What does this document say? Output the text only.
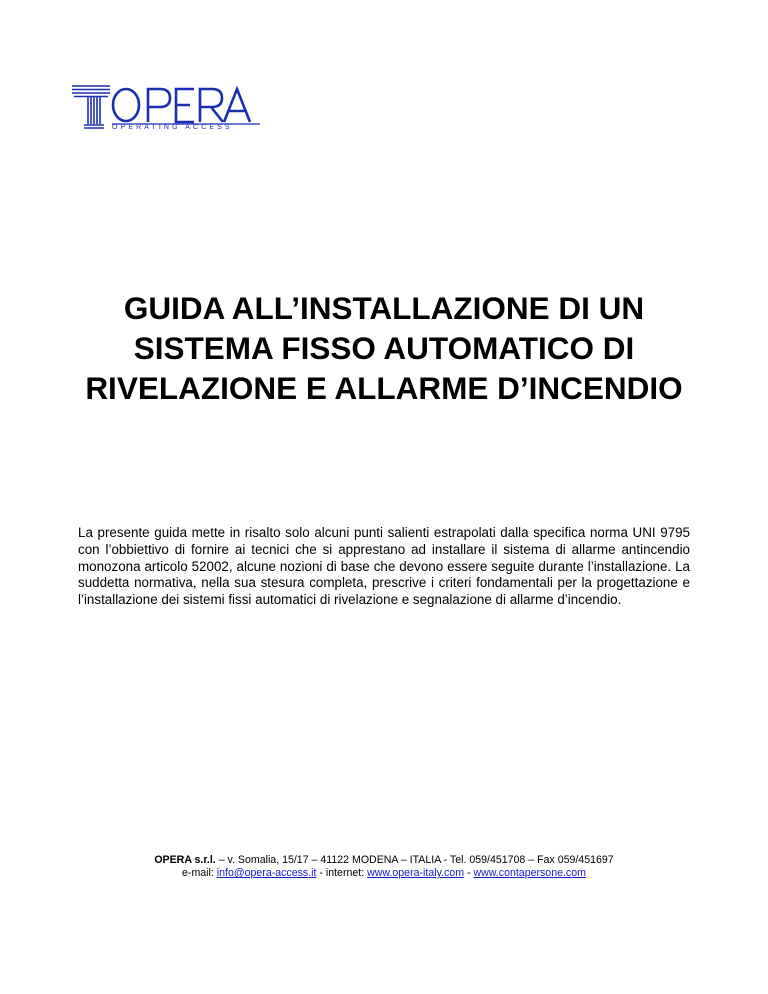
OPERATING ACCESS
GUIDA ALL’INSTALLAZIONE DI UN
SISTEMA FISSO AUTOMATICO DI
RIVELAZIONE E ALLARME D’INCENDIO

La presente guida mette in risalto solo alcuni punti salienti estrapolati dalla specifica norma UNI 9795 con l’obbiettivo di fornire ai tecnici che si apprestano ad installare il sistema di allarme antincendio monozona articolo 52002, alcune nozioni di base che devono essere seguite durante l’installazione. La suddetta normativa, nella sua stesura completa, prescrive i criteri fondamentali per la progettazione e l’installazione dei sistemi fissi automatici di rivelazione e segnalazione di allarme d’incendio.

OPERA s.r.l. – v. Somalia, 15/17 – 41122 MODENA – ITALIA - Tel. 059/451708 – Fax 059/451697
e-mail: info@opera-access.it - internet: www.opera-italy.com - www.contapersone.com
